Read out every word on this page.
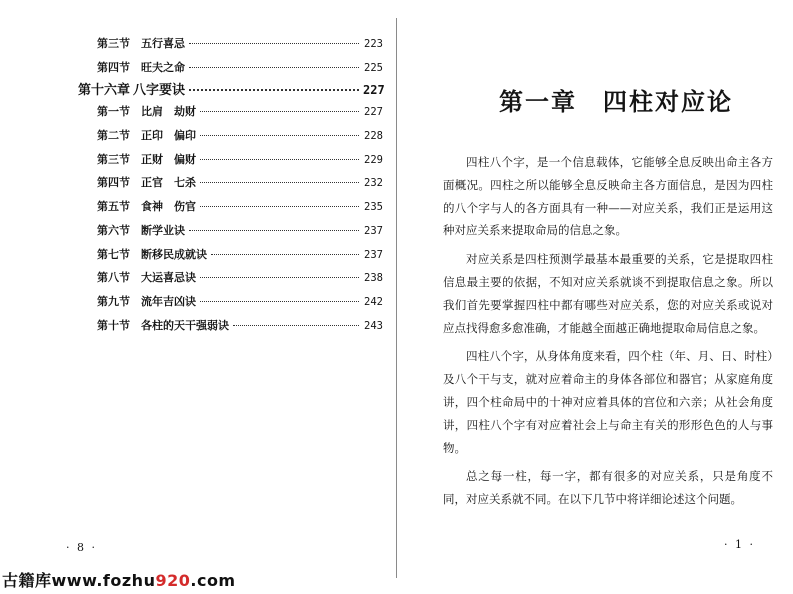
第三节	五行喜忌	223
第四节	旺夫之命	225
第十六章 八字要诀	227
第一节	比肩　劫财	227
第二节	正印　偏印	228
第三节	正财　偏财	229
第四节	正官　七杀	232
第五节	食神　伤官	235
第六节	断学业诀	237
第七节	断移民成就诀	237
第八节	大运喜忌诀	238
第九节	流年吉凶诀	242
第十节	各柱的天干强弱诀	243
· 8 ·
第一章 四柱对应论

四柱八个字，是一个信息载体，它能够全息反映出命主各方面概况。四柱之所以能够全息反映命主各方面信息，是因为四柱的八个字与人的各方面具有一种——对应关系，我们正是运用这种对应关系来提取命局的信息之象。

对应关系是四柱预测学最基本最重要的关系，它是提取四柱信息最主要的依据，不知对应关系就谈不到提取信息之象。所以我们首先要掌握四柱中都有哪些对应关系，您的对应关系或说对应点找得愈多愈准确，才能越全面越正确地提取命局信息之象。

四柱八个字，从身体角度来看，四个柱（年、月、日、时柱）及八个干与支，就对应着命主的身体各部位和器官；从家庭角度讲，四个柱命局中的十神对应着具体的宫位和六亲；从社会角度讲，四柱八个字有对应着社会上与命主有关的形形色色的人与事物。

总之每一柱，每一字，都有很多的对应关系，只是角度不同，对应关系就不同。在以下几节中将详细论述这个问题。

· 1 ·
古籍库www.fozhu920.com
